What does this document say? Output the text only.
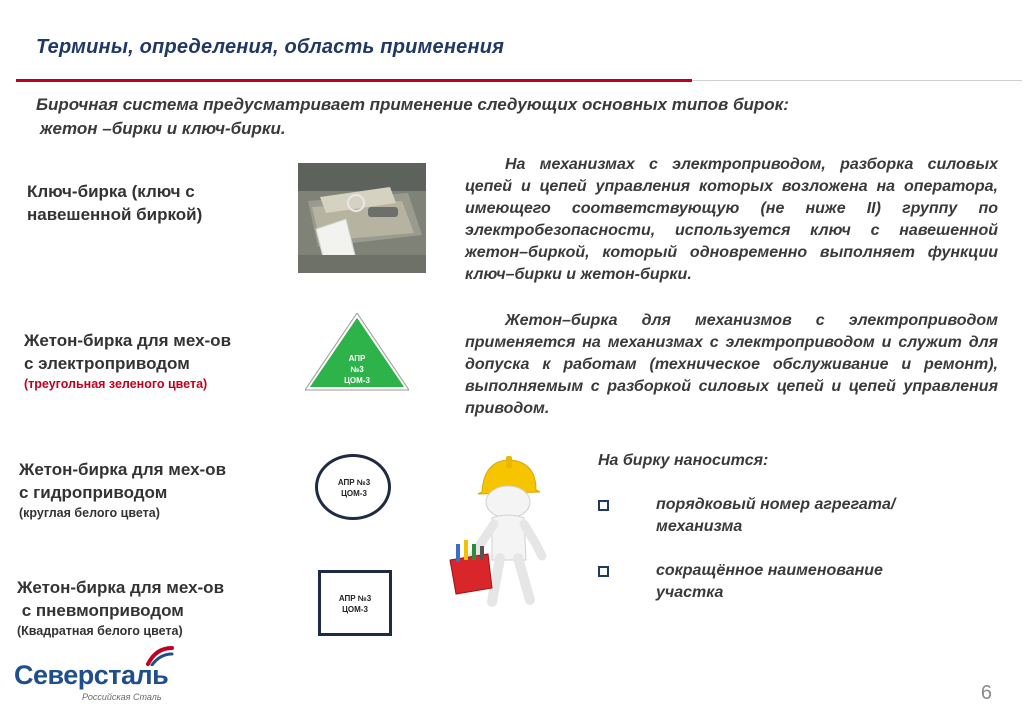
Термины, определения, область применения
Бирочная система предусматривает применение следующих основных типов бирок:
жетон –бирки и ключ-бирки.
Ключ-бирка (ключ с
навешенной биркой)
Жетон-бирка для мех-ов
с электроприводом
(треугольная зеленого цвета)
Жетон-бирка для мех-ов
с гидроприводом
(круглая белого цвета)
Жетон-бирка для мех-ов
с пневмоприводом
(Квадратная белого цвета)
АПР
№3
ЦОМ-3
АПР №3
ЦОМ-3
АПР №3
ЦОМ-3
На механизмах с электроприводом, разборка силовых цепей и цепей управления которых возложена на оператора, имеющего соответствующую (не ниже II) группу по электробезопасности, используется ключ с навешенной жетон–биркой, который одновременно выполняет функции ключ–бирки и жетон-бирки.
Жетон–бирка для механизмов с электроприводом применяется на механизмах с электроприводом и служит для допуска к работам (техническое обслуживание и ремонт), выполняемым с разборкой силовых цепей и цепей управления приводом.
На бирку наносится:
порядковый номер агрегата/
механизма
сокращённое наименование
участка
Северсталь
Российская Сталь	6
